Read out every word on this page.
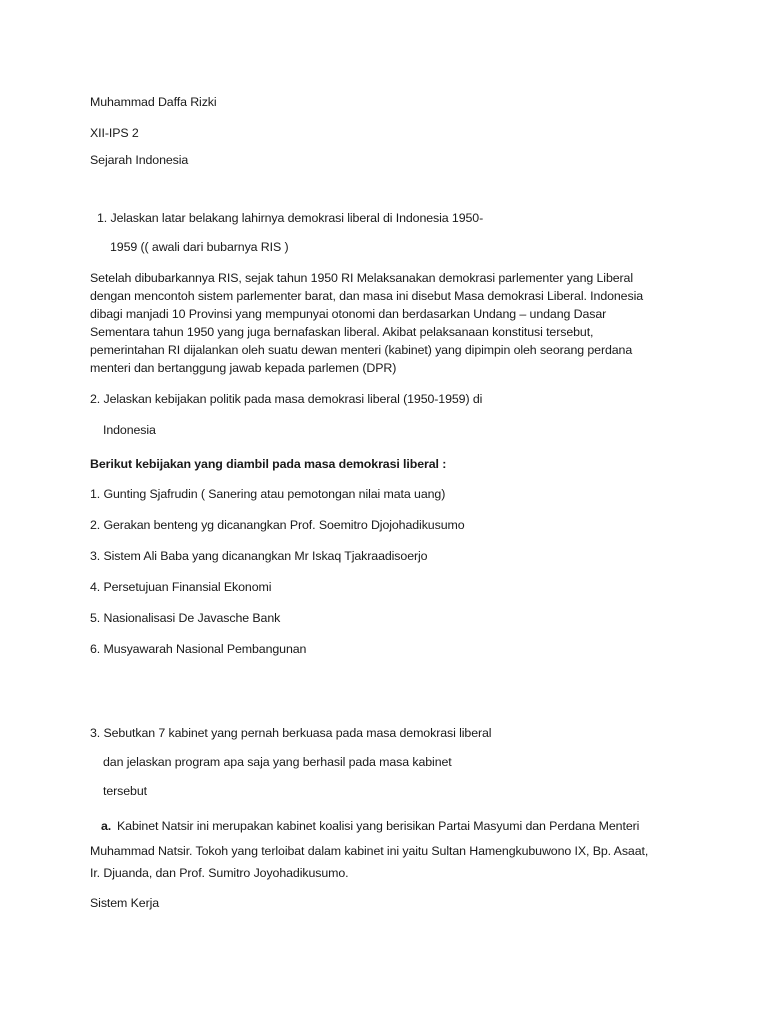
Muhammad Daffa Rizki
XII-IPS 2
Sejarah Indonesia
1. Jelaskan latar belakang lahirnya demokrasi liberal di Indonesia 1950-
1959 (( awali dari bubarnya RIS )
Setelah dibubarkannya RIS, sejak tahun 1950 RI Melaksanakan demokrasi parlementer yang Liberal
dengan mencontoh sistem parlementer barat, dan masa ini disebut Masa demokrasi Liberal. Indonesia
dibagi manjadi 10 Provinsi yang mempunyai otonomi dan berdasarkan Undang – undang Dasar
Sementara tahun 1950 yang juga bernafaskan liberal. Akibat pelaksanaan konstitusi tersebut,
pemerintahan RI dijalankan oleh suatu dewan menteri (kabinet) yang dipimpin oleh seorang perdana
menteri dan bertanggung jawab kepada parlemen (DPR)
2. Jelaskan kebijakan politik pada masa demokrasi liberal (1950-1959) di
Indonesia
Berikut kebijakan yang diambil pada masa demokrasi liberal :
1. Gunting Sjafrudin ( Sanering atau pemotongan nilai mata uang)
2. Gerakan benteng yg dicanangkan Prof. Soemitro Djojohadikusumo
3. Sistem Ali Baba yang dicanangkan Mr Iskaq Tjakraadisoerjo
4. Persetujuan Finansial Ekonomi
5. Nasionalisasi De Javasche Bank
6. Musyawarah Nasional Pembangunan
3. Sebutkan 7 kabinet yang pernah berkuasa pada masa demokrasi liberal
dan jelaskan program apa saja yang berhasil pada masa kabinet
tersebut
a. Kabinet Natsir ini merupakan kabinet koalisi yang berisikan Partai Masyumi dan Perdana Menteri
Muhammad Natsir. Tokoh yang terloibat dalam kabinet ini yaitu Sultan Hamengkubuwono IX, Bp. Asaat,
Ir. Djuanda, dan Prof. Sumitro Joyohadikusumo.
Sistem Kerja
